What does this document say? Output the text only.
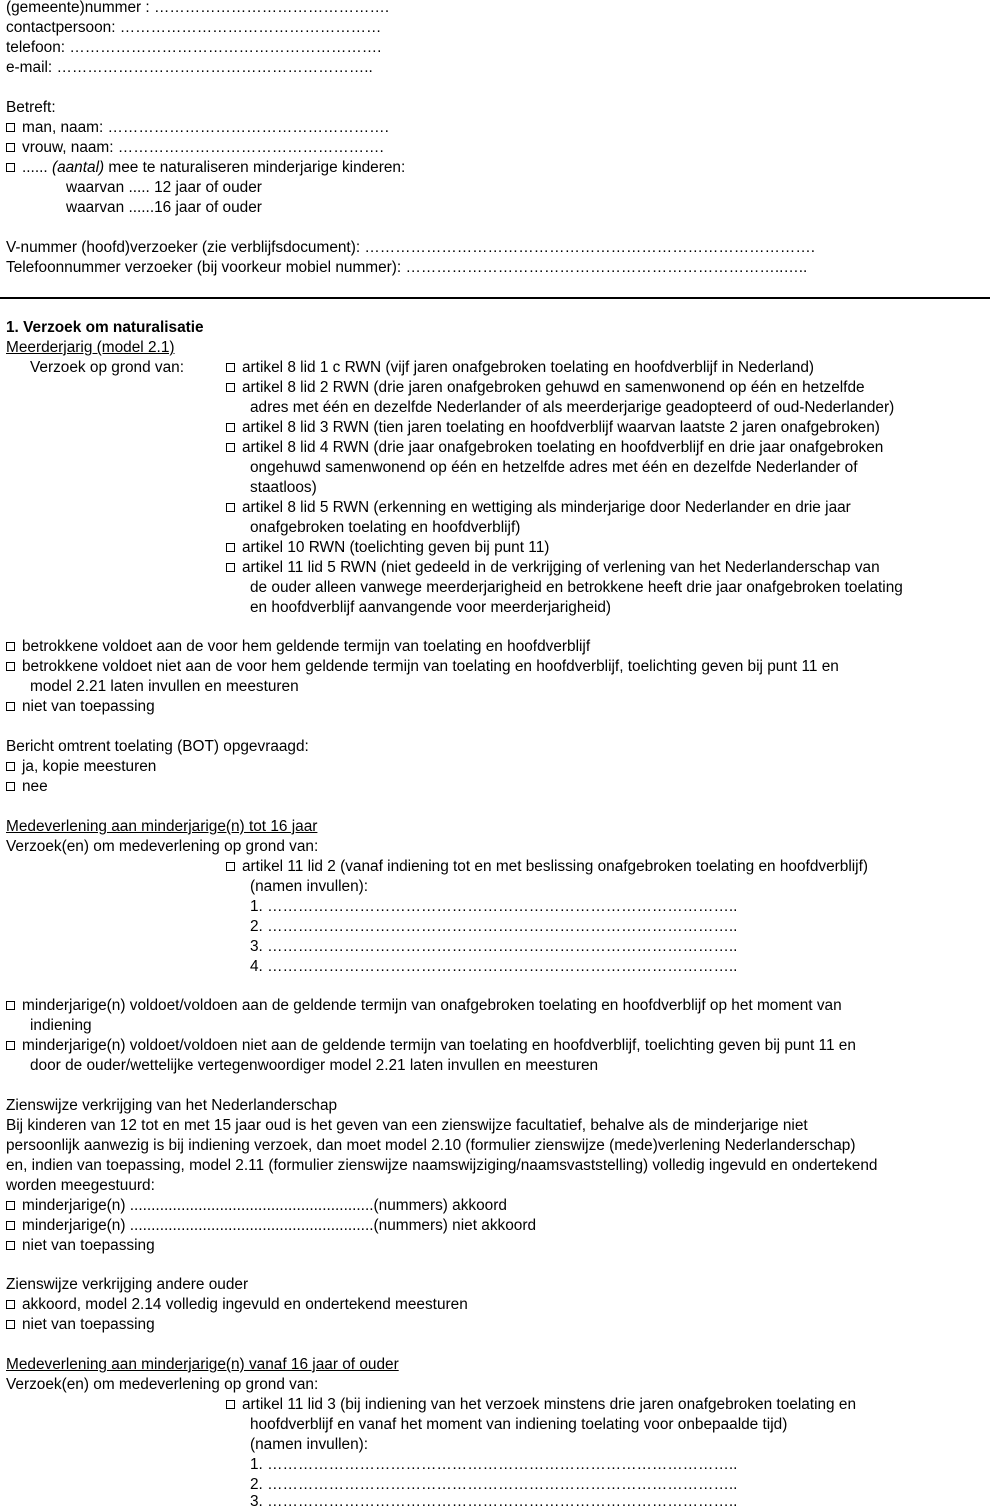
(gemeente)nummer : ……………………………………….
contactpersoon: ……………………………………………
telefoon: …………………………………………………….
e-mail: ……………………………………………………..
Betreft:
man, naam: ……………………………………………….
vrouw, naam: …………………………………………….
...... (aantal) mee te naturaliseren minderjarige kinderen:
waarvan ..... 12 jaar of ouder
waarvan ......16 jaar of ouder
V-nummer (hoofd)verzoeker (zie verblijfsdocument): …………………………………………………………………………….
Telefoonnummer verzoeker (bij voorkeur mobiel nummer): ………………………………………………………………..…..
1. Verzoek om naturalisatie
Meerderjarig (model 2.1)
Verzoek op grond van:	artikel 8 lid 1 c RWN (vijf jaren onafgebroken toelating en hoofdverblijf in Nederland)
artikel 8 lid 2 RWN (drie jaren onafgebroken gehuwd en samenwonend op één en hetzelfde
adres met één en dezelfde Nederlander of als meerderjarige geadopteerd of oud-Nederlander)
artikel 8 lid 3 RWN (tien jaren toelating en hoofdverblijf waarvan laatste 2 jaren onafgebroken)
artikel 8 lid 4 RWN (drie jaar onafgebroken toelating en hoofdverblijf en drie jaar onafgebroken
ongehuwd samenwonend op één en hetzelfde adres met één en dezelfde Nederlander of
staatloos)
artikel 8 lid 5 RWN (erkenning en wettiging als minderjarige door Nederlander en drie jaar
onafgebroken toelating en hoofdverblijf)
artikel 10 RWN (toelichting geven bij punt 11)
artikel 11 lid 5 RWN (niet gedeeld in de verkrijging of verlening van het Nederlanderschap van
de ouder alleen vanwege meerderjarigheid en betrokkene heeft drie jaar onafgebroken toelating
en hoofdverblijf aanvangende voor meerderjarigheid)
betrokkene voldoet aan de voor hem geldende termijn van toelating en hoofdverblijf
betrokkene voldoet niet aan de voor hem geldende termijn van toelating en hoofdverblijf, toelichting geven bij punt 11 en
model 2.21 laten invullen en meesturen
niet van toepassing
Bericht omtrent toelating (BOT) opgevraagd:
ja, kopie meesturen
nee
Medeverlening aan minderjarige(n) tot 16 jaar
Verzoek(en) om medeverlening op grond van:
artikel 11 lid 2 (vanaf indiening tot en met beslissing onafgebroken toelating en hoofdverblijf)
(namen invullen):
1. ………………………………………………………………………………..
2. ………………………………………………………………………………..
3. ………………………………………………………………………………..
4. ………………………………………………………………………………..
minderjarige(n) voldoet/voldoen aan de geldende termijn van onafgebroken toelating en hoofdverblijf op het moment van
indiening
minderjarige(n) voldoet/voldoen niet aan de geldende termijn van toelating en hoofdverblijf, toelichting geven bij punt 11 en
door de ouder/wettelijke vertegenwoordiger model 2.21 laten invullen en meesturen
Zienswijze verkrijging van het Nederlanderschap
Bij kinderen van 12 tot en met 15 jaar oud is het geven van een zienswijze facultatief, behalve als de minderjarige niet
persoonlijk aanwezig is bij indiening verzoek, dan moet model 2.10 (formulier zienswijze (mede)verlening Nederlanderschap)
en, indien van toepassing, model 2.11 (formulier zienswijze naamswijziging/naamsvaststelling) volledig ingevuld en ondertekend
worden meegestuurd:
minderjarige(n) .........................................................(nummers) akkoord
minderjarige(n) .........................................................(nummers) niet akkoord
niet van toepassing
Zienswijze verkrijging andere ouder
akkoord, model 2.14 volledig ingevuld en ondertekend meesturen
niet van toepassing
Medeverlening aan minderjarige(n) vanaf 16 jaar of ouder
Verzoek(en) om medeverlening op grond van:
artikel 11 lid 3 (bij indiening van het verzoek minstens drie jaren onafgebroken toelating en
hoofdverblijf en vanaf het moment van indiening toelating voor onbepaalde tijd)
(namen invullen):
1. ………………………………………………………………………………..
2. ………………………………………………………………………………..
3. ………………………………………………………………………………..
